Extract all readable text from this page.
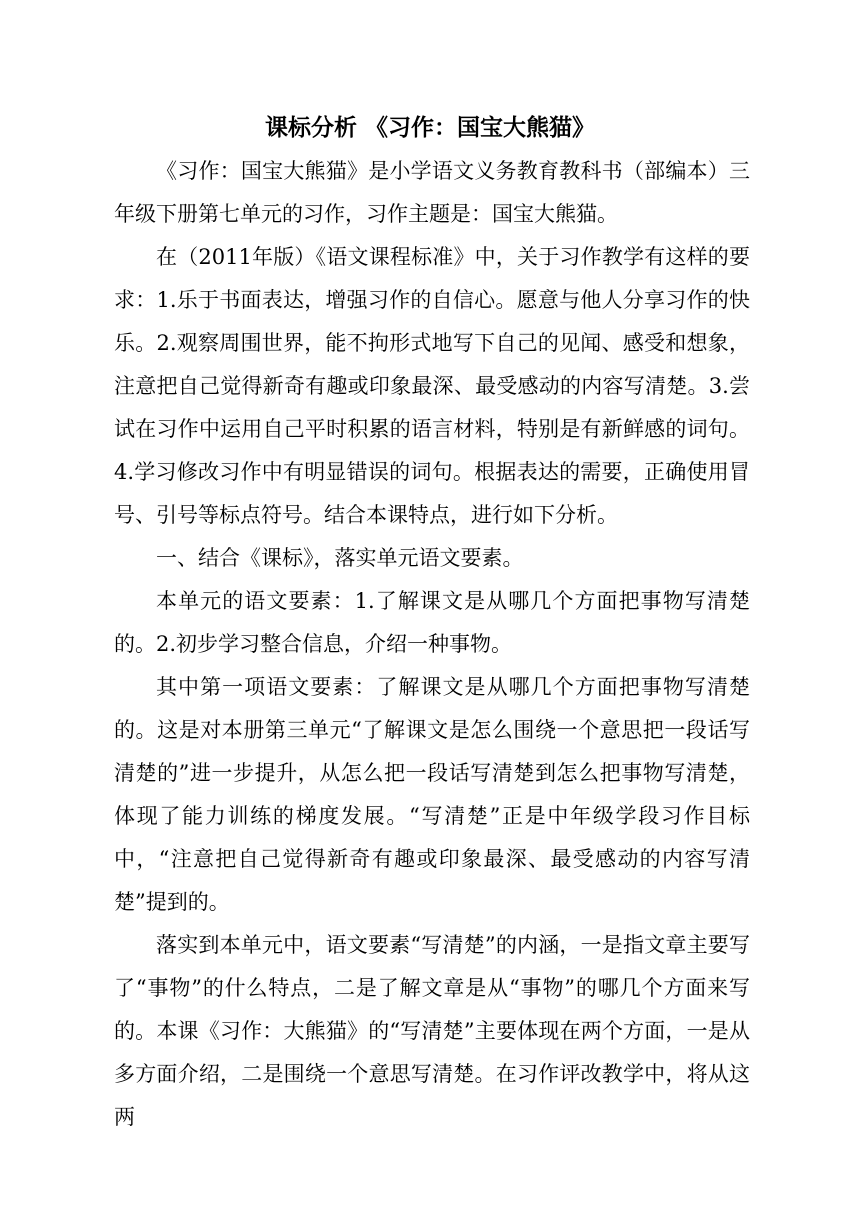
课标分析 《习作：国宝大熊猫》

《习作：国宝大熊猫》是小学语文义务教育教科书（部编本）三年级下册第七单元的习作，习作主题是：国宝大熊猫。

在（2011年版）《语文课程标准》中，关于习作教学有这样的要求：1.乐于书面表达，增强习作的自信心。愿意与他人分享习作的快乐。2.观察周围世界，能不拘形式地写下自己的见闻、感受和想象，注意把自己觉得新奇有趣或印象最深、最受感动的内容写清楚。3.尝试在习作中运用自己平时积累的语言材料，特别是有新鲜感的词句。4.学习修改习作中有明显错误的词句。根据表达的需要，正确使用冒号、引号等标点符号。结合本课特点，进行如下分析。

一、结合《课标》，落实单元语文要素。

本单元的语文要素：1.了解课文是从哪几个方面把事物写清楚的。2.初步学习整合信息，介绍一种事物。

其中第一项语文要素：了解课文是从哪几个方面把事物写清楚的。这是对本册第三单元“了解课文是怎么围绕一个意思把一段话写清楚的”进一步提升，从怎么把一段话写清楚到怎么把事物写清楚，体现了能力训练的梯度发展。“写清楚”正是中年级学段习作目标中，“注意把自己觉得新奇有趣或印象最深、最受感动的内容写清楚”提到的。

落实到本单元中，语文要素“写清楚”的内涵，一是指文章主要写了“事物”的什么特点，二是了解文章是从“事物”的哪几个方面来写的。本课《习作：大熊猫》的“写清楚”主要体现在两个方面，一是从多方面介绍，二是围绕一个意思写清楚。在习作评改教学中，将从这两
